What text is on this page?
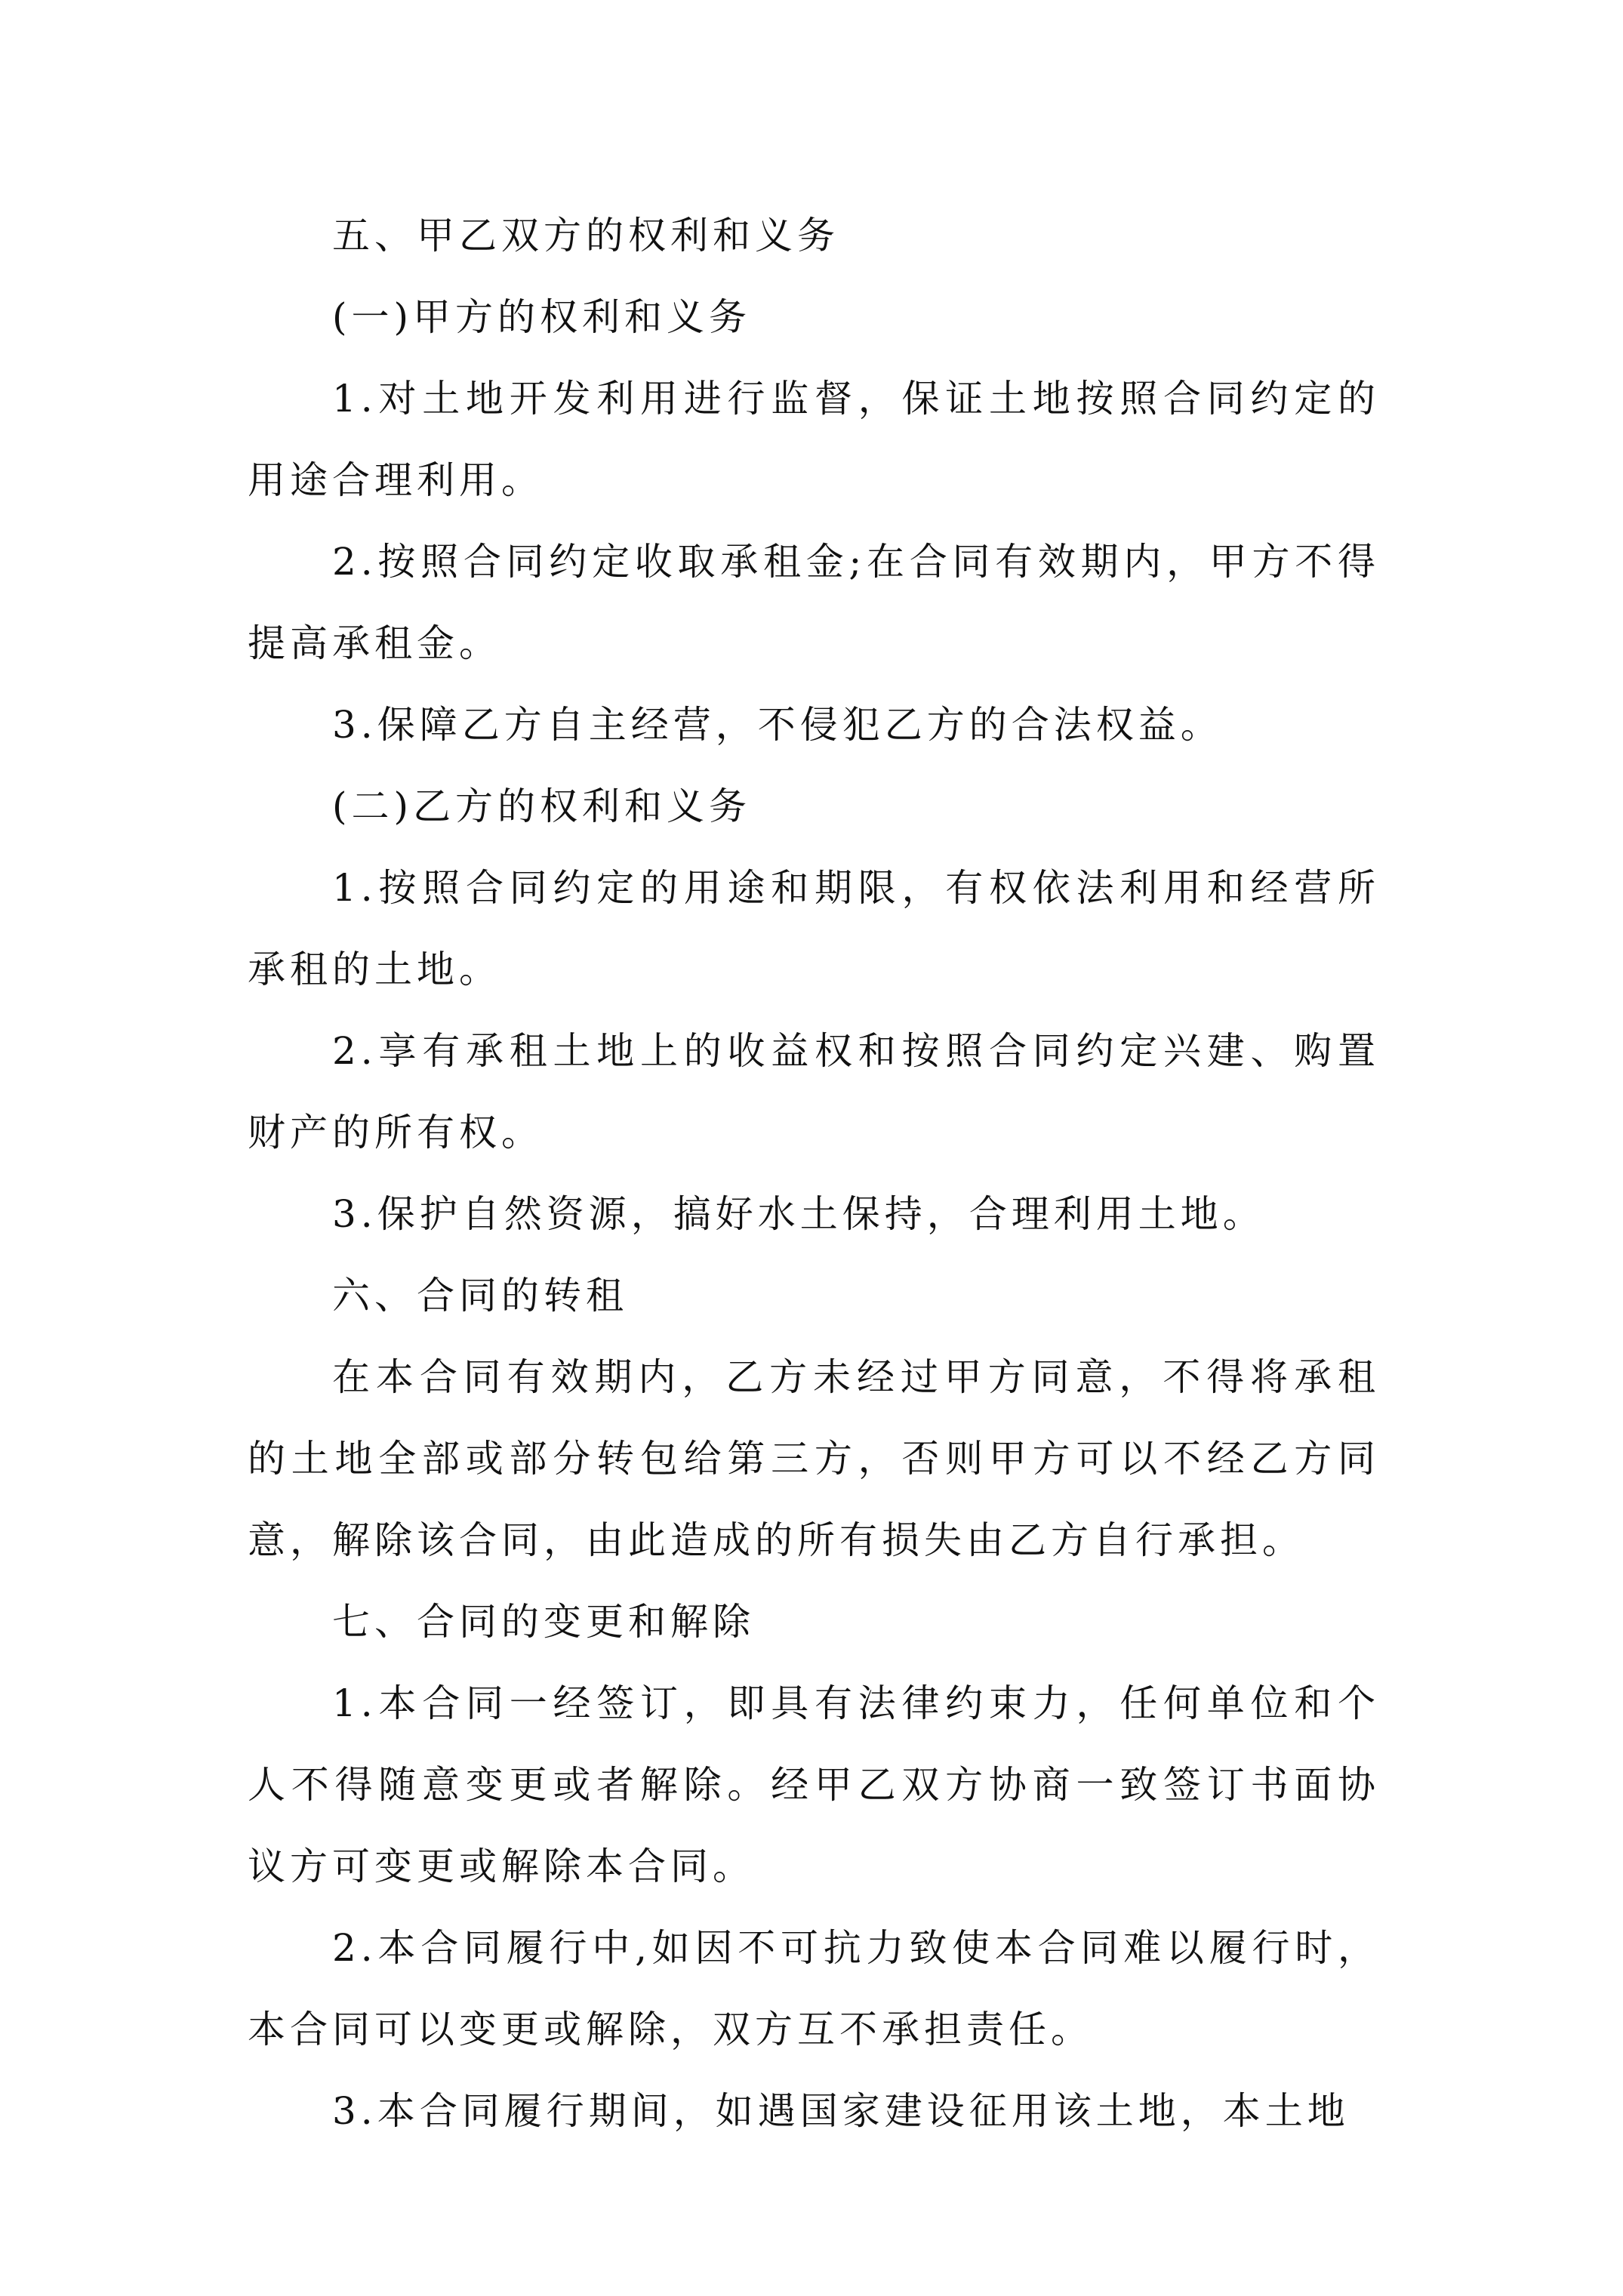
五、甲乙双方的权利和义务

(一)甲方的权利和义务

1.对土地开发利用进行监督，保证土地按照合同约定的用途合理利用。

2.按照合同约定收取承租金;在合同有效期内，甲方不得提高承租金。

3.保障乙方自主经营，不侵犯乙方的合法权益。

(二)乙方的权利和义务

1.按照合同约定的用途和期限，有权依法利用和经营所承租的土地。

2.享有承租土地上的收益权和按照合同约定兴建、购置财产的所有权。

3.保护自然资源，搞好水土保持，合理利用土地。

六、合同的转租

在本合同有效期内，乙方未经过甲方同意，不得将承租的土地全部或部分转包给第三方，否则甲方可以不经乙方同意，解除该合同，由此造成的所有损失由乙方自行承担。

七、合同的变更和解除

1.本合同一经签订，即具有法律约束力，任何单位和个人不得随意变更或者解除。经甲乙双方协商一致签订书面协议方可变更或解除本合同。

2.本合同履行中,如因不可抗力致使本合同难以履行时，本合同可以变更或解除，双方互不承担责任。

3.本合同履行期间，如遇国家建设征用该土地，本土地
